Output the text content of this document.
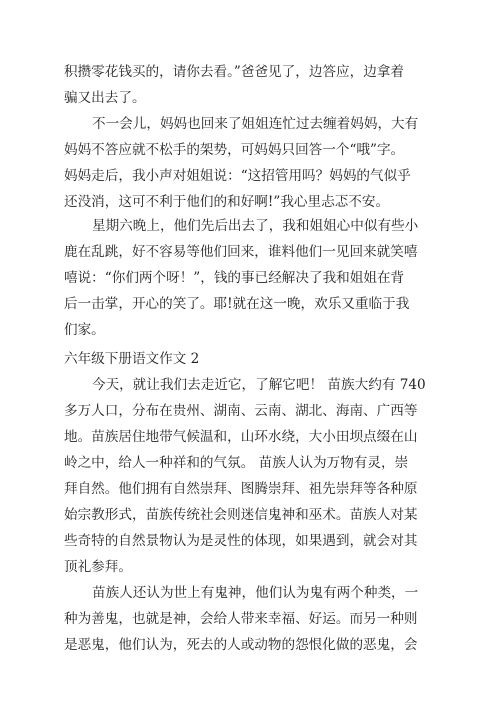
积攒零花钱买的，请你去看。”爸爸见了，边答应，边拿着
骗又出去了。
不一会儿，妈妈也回来了姐姐连忙过去缠着妈妈，大有
妈妈不答应就不松手的架势，可妈妈只回答一个“哦”字。
妈妈走后，我小声对姐姐说：“这招管用吗？妈妈的气似乎
还没消，这可不利于他们的和好啊!”我心里忐忑不安。
星期六晚上，他们先后出去了，我和姐姐心中似有些小
鹿在乱跳，好不容易等他们回来，谁料他们一见回来就笑嘻
嘻说：“你们两个呀！”，钱的事已经解决了我和姐姐在背
后一击掌，开心的笑了。耶!就在这一晚，欢乐又重临于我
们家。
六年级下册语文作文 2
今天，就让我们去走近它，了解它吧！ 苗族大约有 740
多万人口，分布在贵州、湖南、云南、湖北、海南、广西等
地。苗族居住地带气候温和，山环水绕，大小田坝点缀在山
岭之中，给人一种祥和的气氛。 苗族人认为万物有灵，崇
拜自然。他们拥有自然崇拜、图腾崇拜、祖先崇拜等各种原
始宗教形式，苗族传统社会则迷信鬼神和巫术。苗族人对某
些奇特的自然景物认为是灵性的体现，如果遇到，就会对其
顶礼参拜。
苗族人还认为世上有鬼神，他们认为鬼有两个种类，一
种为善鬼，也就是神，会给人带来幸福、好运。而另一种则
是恶鬼，他们认为，死去的人或动物的怨恨化做的恶鬼，会
